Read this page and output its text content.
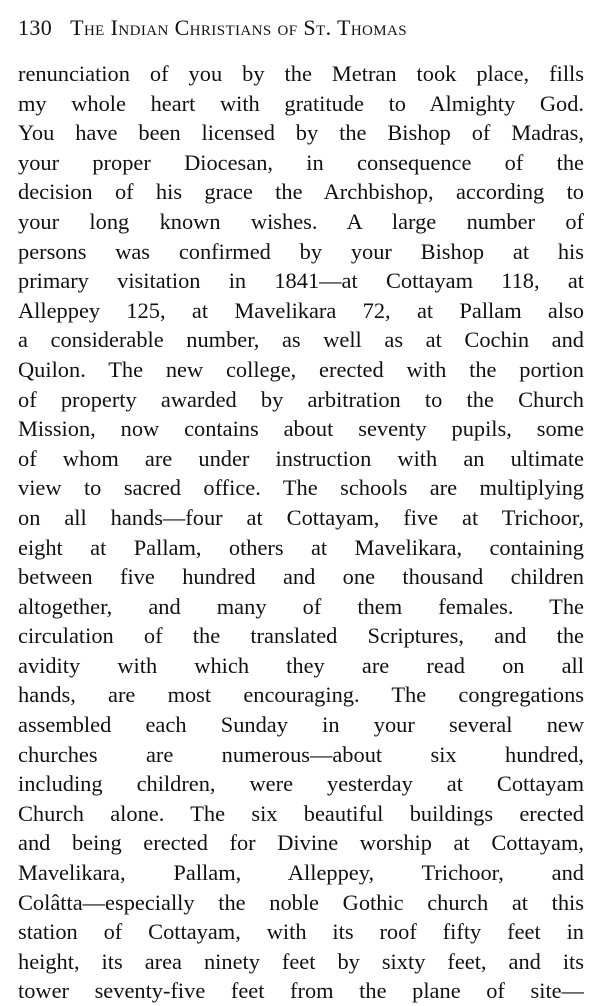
130 The Indian Christians of St. Thomas
renunciation of you by the Metran took place, fills
my whole heart with gratitude to Almighty God.
You have been licensed by the Bishop of Madras,
your proper Diocesan, in consequence of the
decision of his grace the Archbishop, according to
your long known wishes. A large number of
persons was confirmed by your Bishop at his
primary visitation in 1841—at Cottayam 118, at
Alleppey 125, at Mavelikara 72, at Pallam also
a considerable number, as well as at Cochin and
Quilon. The new college, erected with the portion
of property awarded by arbitration to the Church
Mission, now contains about seventy pupils, some
of whom are under instruction with an ultimate
view to sacred office. The schools are multiplying
on all hands—four at Cottayam, five at Trichoor,
eight at Pallam, others at Mavelikara, containing
between five hundred and one thousand children
altogether, and many of them females. The
circulation of the translated Scriptures, and the
avidity with which they are read on all
hands, are most encouraging. The congregations
assembled each Sunday in your several new
churches are numerous—about six hundred,
including children, were yesterday at Cottayam
Church alone. The six beautiful buildings erected
and being erected for Divine worship at Cottayam,
Mavelikara, Pallam, Alleppey, Trichoor, and
Colâtta—especially the noble Gothic church at this
station of Cottayam, with its roof fifty feet in
height, its area ninety feet by sixty feet, and its
tower seventy-five feet from the plane of site—
